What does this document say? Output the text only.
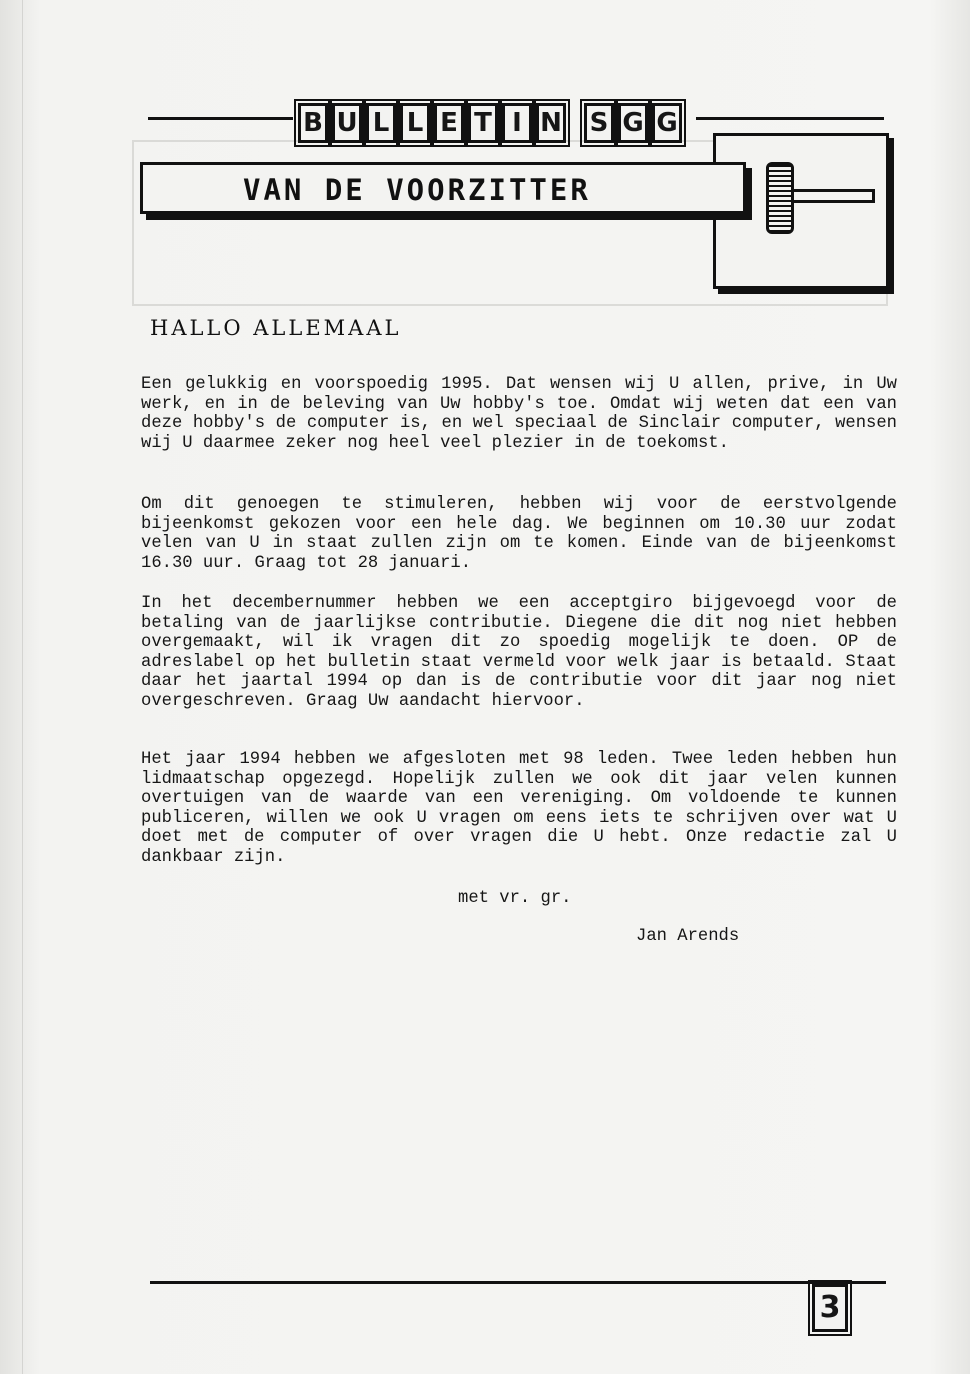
B U L L E T I N S G G
VAN DE VOORZITTER
HALLO ALLEMAAL
Een gelukkig en voorspoedig 1995. Dat wensen wij U allen, prive, in Uw werk, en in de beleving van Uw hobby's toe. Omdat wij weten dat een van deze hobby's de computer is, en wel speciaal de Sinclair computer, wensen wij U daarmee zeker nog heel veel plezier in de toekomst.
Om dit genoegen te stimuleren, hebben wij voor de eerstvolgende bijeenkomst gekozen voor een hele dag. We beginnen om 10.30 uur zodat velen van U in staat zullen zijn om te komen. Einde van de bijeenkomst 16.30 uur. Graag tot 28 januari.
In het decembernummer hebben we een acceptgiro bijgevoegd voor de betaling van de jaarlijkse contributie. Diegene die dit nog niet hebben overgemaakt, wil ik vragen dit zo spoedig mogelijk te doen. OP de adreslabel op het bulletin staat vermeld voor welk jaar is betaald. Staat daar het jaartal 1994 op dan is de contributie voor dit jaar nog niet overgeschreven. Graag Uw aandacht hiervoor.
Het jaar 1994 hebben we afgesloten met 98 leden. Twee leden hebben hun lidmaatschap opgezegd. Hopelijk zullen we ook dit jaar velen kunnen overtuigen van de waarde van een vereniging. Om voldoende te kunnen publiceren, willen we ook U vragen om eens iets te schrijven over wat U doet met de computer of over vragen die U hebt. Onze redactie zal U dankbaar zijn.
met vr. gr.
Jan Arends
3
